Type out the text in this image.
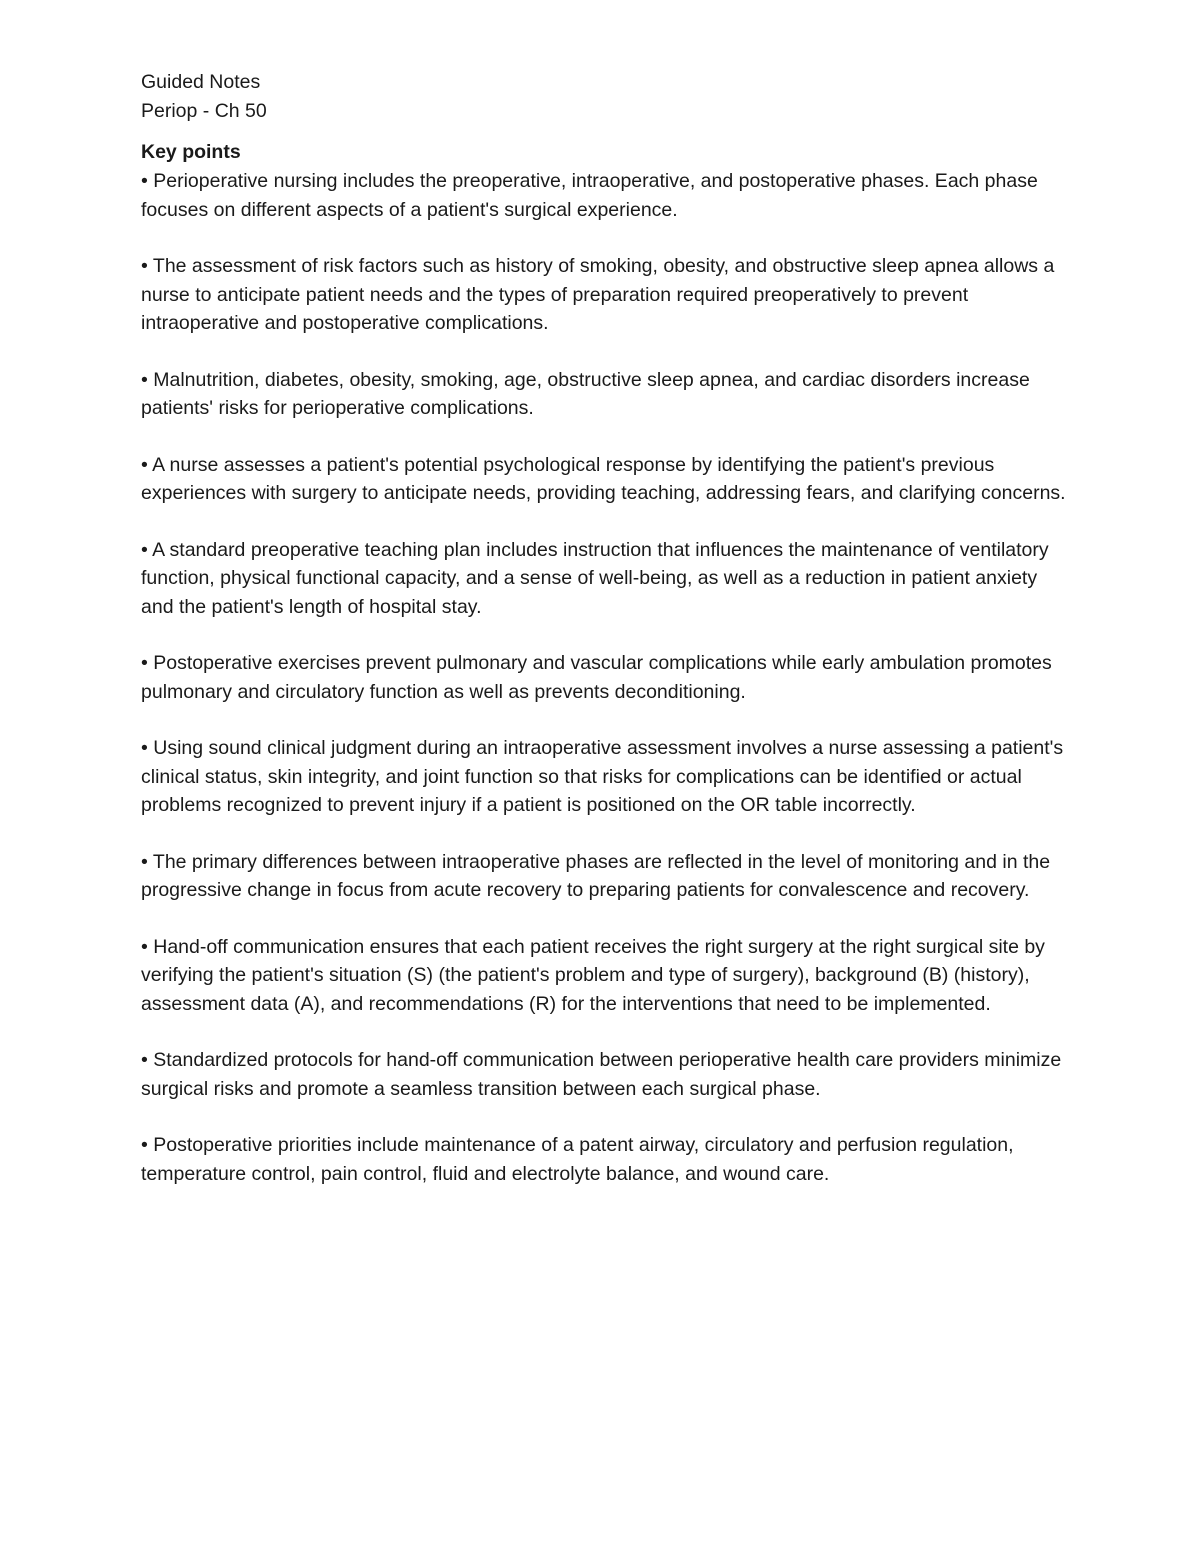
Guided Notes

Periop - Ch 50

Key points
• Perioperative nursing includes the preoperative, intraoperative, and postoperative phases. Each phase focuses on different aspects of a patient's surgical experience.
• The assessment of risk factors such as history of smoking, obesity, and obstructive sleep apnea allows a nurse to anticipate patient needs and the types of preparation required preoperatively to prevent intraoperative and postoperative complications.
• Malnutrition, diabetes, obesity, smoking, age, obstructive sleep apnea, and cardiac disorders increase patients' risks for perioperative complications.
• A nurse assesses a patient's potential psychological response by identifying the patient's previous experiences with surgery to anticipate needs, providing teaching, addressing fears, and clarifying concerns.
• A standard preoperative teaching plan includes instruction that influences the maintenance of ventilatory function, physical functional capacity, and a sense of well-being, as well as a reduction in patient anxiety and the patient's length of hospital stay.
• Postoperative exercises prevent pulmonary and vascular complications while early ambulation promotes pulmonary and circulatory function as well as prevents deconditioning.
• Using sound clinical judgment during an intraoperative assessment involves a nurse assessing a patient's clinical status, skin integrity, and joint function so that risks for complications can be identified or actual problems recognized to prevent injury if a patient is positioned on the OR table incorrectly.
• The primary differences between intraoperative phases are reflected in the level of monitoring and in the progressive change in focus from acute recovery to preparing patients for convalescence and recovery.
• Hand-off communication ensures that each patient receives the right surgery at the right surgical site by verifying the patient's situation (S) (the patient's problem and type of surgery), background (B) (history), assessment data (A), and recommendations (R) for the interventions that need to be implemented.
• Standardized protocols for hand-off communication between perioperative health care providers minimize surgical risks and promote a seamless transition between each surgical phase.
• Postoperative priorities include maintenance of a patent airway, circulatory and perfusion regulation, temperature control, pain control, fluid and electrolyte balance, and wound care.
